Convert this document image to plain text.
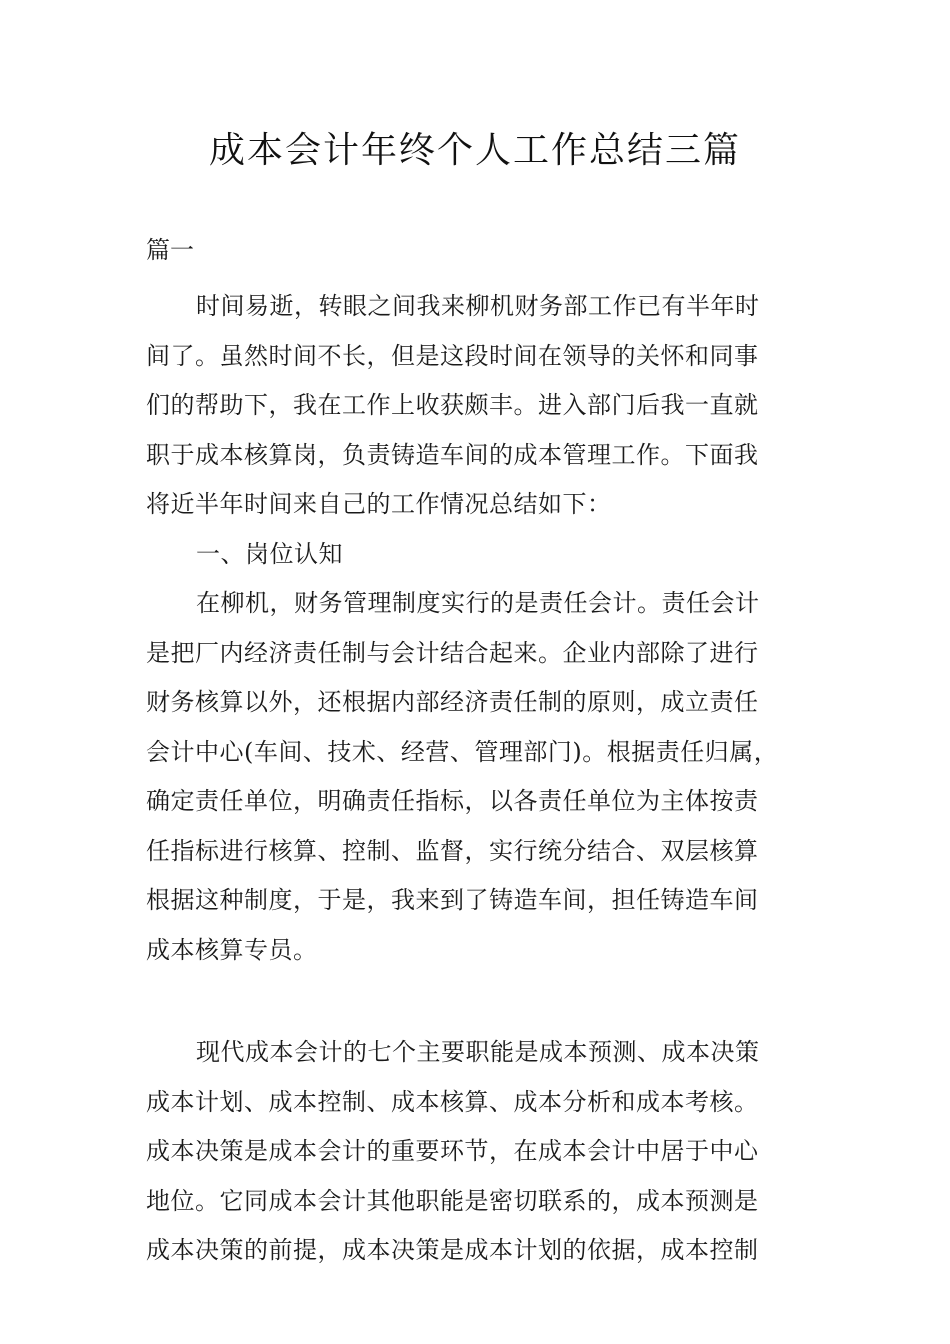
成本会计年终个人工作总结三篇

篇一

时间易逝，转眼之间我来柳机财务部工作已有半年时
间了。虽然时间不长，但是这段时间在领导的关怀和同事
们的帮助下，我在工作上收获颇丰。进入部门后我一直就
职于成本核算岗，负责铸造车间的成本管理工作。下面我
将近半年时间来自己的工作情况总结如下：
一、岗位认知
在柳机，财务管理制度实行的是责任会计。责任会计
是把厂内经济责任制与会计结合起来。企业内部除了进行
财务核算以外，还根据内部经济责任制的原则，成立责任
会计中心(车间、技术、经营、管理部门)。根据责任归属，
确定责任单位，明确责任指标，以各责任单位为主体按责
任指标进行核算、控制、监督，实行统分结合、双层核算
根据这种制度，于是，我来到了铸造车间，担任铸造车间
成本核算专员。
现代成本会计的七个主要职能是成本预测、成本决策
成本计划、成本控制、成本核算、成本分析和成本考核。
成本决策是成本会计的重要环节，在成本会计中居于中心
地位。它同成本会计其他职能是密切联系的，成本预测是
成本决策的前提，成本决策是成本计划的依据，成本控制
